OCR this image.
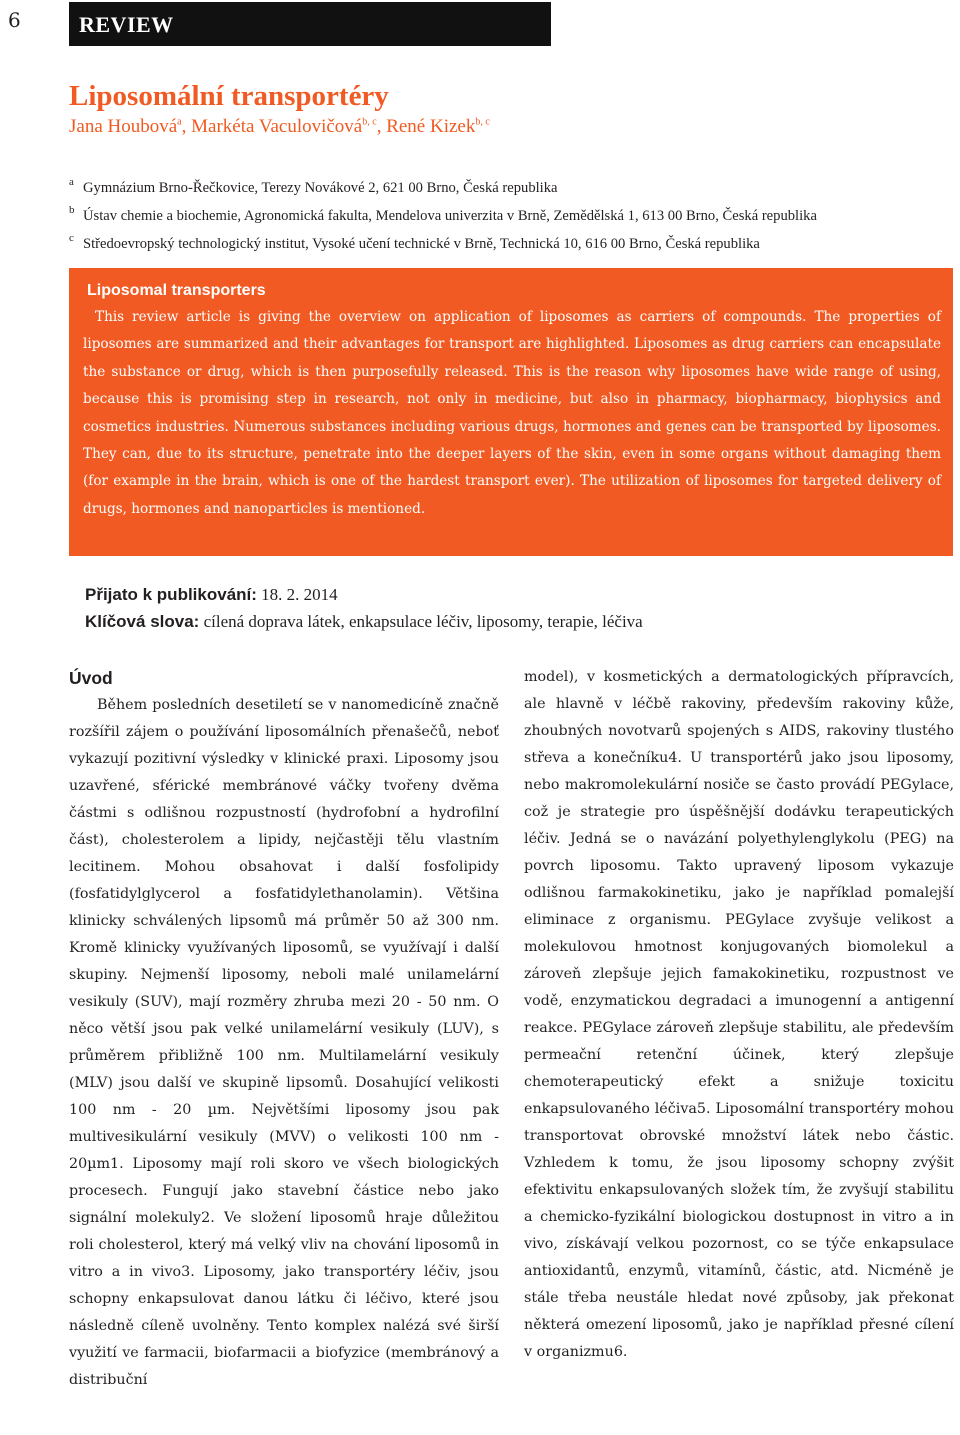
6	REVIEW
Liposomální transportéry
Jana Houbová$^a$, Markéta Vaculovičová$^{b, c}$, René Kizek$^{b, c}$
a Gymnázium Brno-Řečkovice, Terezy Novákové 2, 621 00 Brno, Česká republika
b Ústav chemie a biochemie, Agronomická fakulta, Mendelova univerzita v Brně, Zemědělská 1, 613 00 Brno, Česká republika
c Středoevropský technologický institut, Vysoké učení technické v Brně, Technická 10, 616 00 Brno, Česká republika
Liposomal transporters

This review article is giving the overview on application of liposomes as carriers of compounds. The properties of liposomes are summarized and their advantages for transport are highlighted. Liposomes as drug carriers can encapsulate the substance or drug, which is then purposefully released. This is the reason why liposomes have wide range of using, because this is promising step in research, not only in medicine, but also in pharmacy, biopharmacy, biophysics and cosmetics industries. Numerous substances including various drugs, hormones and genes can be transported by liposomes. They can, due to its structure, penetrate into the deeper layers of the skin, even in some organs without damaging them (for example in the brain, which is one of the hardest transport ever). The utilization of liposomes for targeted delivery of drugs, hormones and nanoparticles is mentioned.

Přijato k publikování: 18. 2. 2014
Klíčová slova: cílená doprava látek, enkapsulace léčiv, liposomy, terapie, léčiva
Úvod

Během posledních desetiletí se v nanomedicíně značně rozšířil zájem o používání liposomálních přenašečů, neboť vykazují pozitivní výsledky v klinické praxi. Liposomy jsou uzavřené, sférické membránové váčky tvořeny dvěma částmi s odlišnou rozpustností (hydrofobní a hydrofilní část), cholesterolem a lipidy, nejčastěji tělu vlastním lecitinem. Mohou obsahovat i další fosfolipidy (fosfatidylglycerol a fosfatidylethanolamin). Většina klinicky schválených lipsomů má průměr 50 až 300 nm. Kromě klinicky využívaných liposomů, se využívají i další skupiny. Nejmenší liposomy, neboli malé unilamelární vesikuly (SUV), mají rozměry zhruba mezi 20 - 50 nm. O něco větší jsou pak velké unilamelární vesikuly (LUV), s průměrem přibližně 100 nm. Multilamelární vesikuly (MLV) jsou další ve skupině lipsomů. Dosahující velikosti 100 nm - 20 µm. Největšími liposomy jsou pak multivesikulární vesikuly (MVV) o velikosti 100 nm - 20µm1. Liposomy mají roli skoro ve všech biologických procesech. Fungují jako stavební částice nebo jako signální molekuly2. Ve složení liposomů hraje důležitou roli cholesterol, který má velký vliv na chování liposomů in vitro a in vivo3. Liposomy, jako transportéry léčiv, jsou schopny enkapsulovat danou látku či léčivo, které jsou následně cíleně uvolněny. Tento komplex nalézá své širší využití ve farmacii, biofarmacii a biofyzice (membránový a distribuční

model), v kosmetických a dermatologických přípravcích, ale hlavně v léčbě rakoviny, především rakoviny kůže, zhoubných novotvarů spojených s AIDS, rakoviny tlustého střeva a konečníku4. U transportérů jako jsou liposomy, nebo makromolekulární nosiče se často provádí PEGylace, což je strategie pro úspěšnější dodávku terapeutických léčiv. Jedná se o navázání polyethylenglykolu (PEG) na povrch liposomu. Takto upravený liposom vykazuje odlišnou farmakokinetiku, jako je například pomalejší eliminace z organismu. PEGylace zvyšuje velikost a molekulovou hmotnost konjugovaných biomolekul a zároveň zlepšuje jejich famakokinetiku, rozpustnost ve vodě, enzymatickou degradaci a imunogenní a antigenní reakce. PEGylace zároveň zlepšuje stabilitu, ale především permeační retenční účinek, který zlepšuje chemoterapeutický efekt a snižuje toxicitu enkapsulovaného léčiva5. Liposomální transportéry mohou transportovat obrovské množství látek nebo částic. Vzhledem k tomu, že jsou liposomy schopny zvýšit efektivitu enkapsulovaných složek tím, že zvyšují stabilitu a chemicko-fyzikální biologickou dostupnost in vitro a in vivo, získávají velkou pozornost, co se týče enkapsulace antioxidantů, enzymů, vitamínů, částic, atd. Nicméně je stále třeba neustále hledat nové způsoby, jak překonat některá omezení liposomů, jako je například přesné cílení v organizmu6.
